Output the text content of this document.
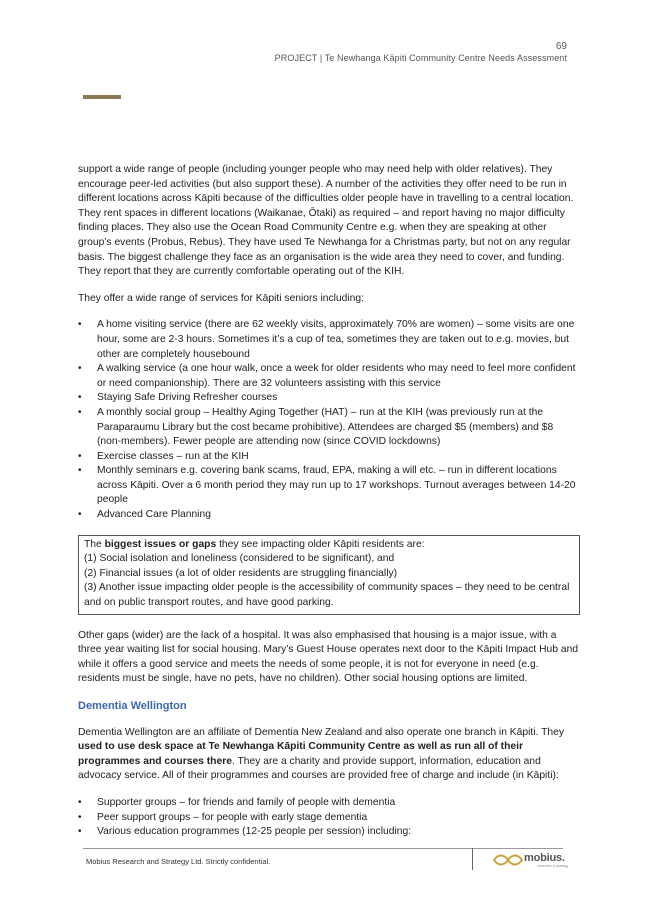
69
PROJECT | Te Newhanga Kāpiti Community Centre Needs Assessment

support a wide range of people (including younger people who may need help with older relatives). They encourage peer-led activities (but also support these). A number of the activities they offer need to be run in different locations across Kāpiti because of the difficulties older people have in travelling to a central location. They rent spaces in different locations (Waikanae, Ōtaki) as required – and report having no major difficulty finding places. They also use the Ocean Road Community Centre e.g. when they are speaking at other group’s events (Probus, Rebus). They have used Te Newhanga for a Christmas party, but not on any regular basis. The biggest challenge they face as an organisation is the wide area they need to cover, and funding. They report that they are currently comfortable operating out of the KIH.

They offer a wide range of services for Kāpiti seniors including:

• A home visiting service (there are 62 weekly visits, approximately 70% are women) – some visits are one hour, some are 2-3 hours. Sometimes it’s a cup of tea, sometimes they are taken out to e.g. movies, but other are completely housebound
• A walking service (a one hour walk, once a week for older residents who may need to feel more confident or need companionship). There are 32 volunteers assisting with this service
• Staying Safe Driving Refresher courses
• A monthly social group – Healthy Aging Together (HAT) – run at the KIH (was previously run at the Paraparaumu Library but the cost became prohibitive). Attendees are charged $5 (members) and $8 (non-members). Fewer people are attending now (since COVID lockdowns)
• Exercise classes – run at the KIH
• Monthly seminars e.g. covering bank scams, fraud, EPA, making a will etc. – run in different locations across Kāpiti. Over a 6 month period they may run up to 17 workshops. Turnout averages between 14-20 people
• Advanced Care Planning
The biggest issues or gaps they see impacting older Kāpiti residents are:
(1) Social isolation and loneliness (considered to be significant), and
(2) Financial issues (a lot of older residents are struggling financially)
(3) Another issue impacting older people is the accessibility of community spaces – they need to be central and on public transport routes, and have good parking.

Other gaps (wider) are the lack of a hospital. It was also emphasised that housing is a major issue, with a three year waiting list for social housing. Mary’s Guest House operates next door to the Kāpiti Impact Hub and while it offers a good service and meets the needs of some people, it is not for everyone in need (e.g. residents must be single, have no pets, have no children). Other social housing options are limited.

Dementia Wellington

Dementia Wellington are an affiliate of Dementia New Zealand and also operate one branch in Kāpiti. They used to use desk space at Te Newhanga Kāpiti Community Centre as well as run all of their programmes and courses there. They are a charity and provide support, information, education and advocacy service. All of their programmes and courses are provided free of charge and include (in Kāpiti):

• Supporter groups – for friends and family of people with dementia
• Peer support groups – for people with early stage dementia
• Various education programmes (12-25 people per session) including:
Mobius Research and Strategy Ltd. Strictly confidential.	mobius.
research & strategy
